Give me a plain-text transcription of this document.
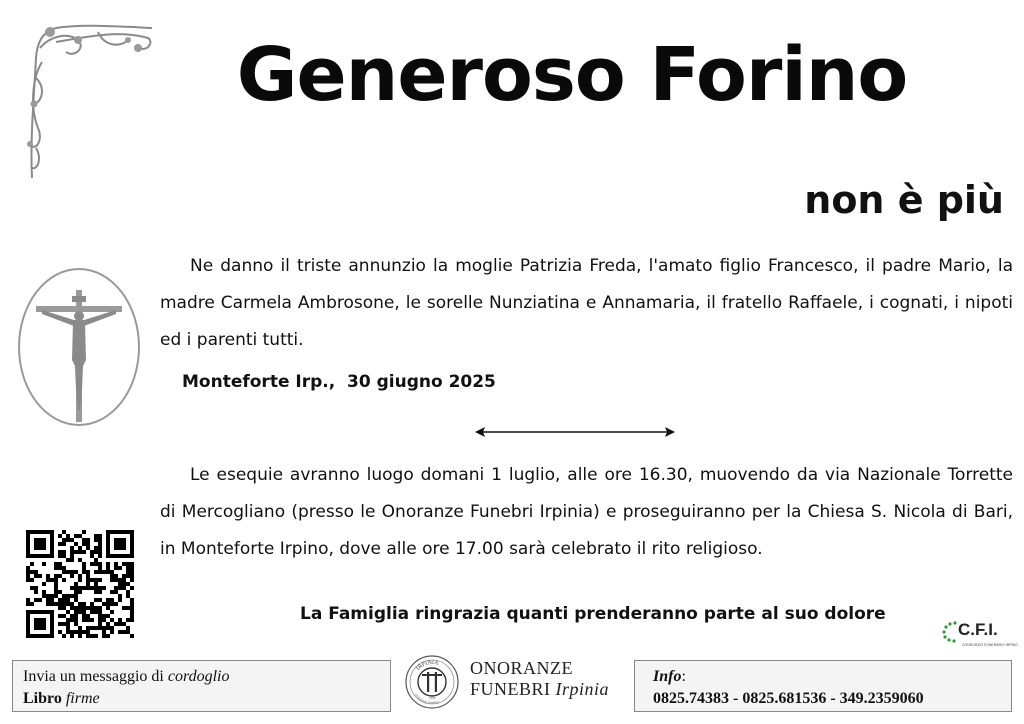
Generoso Forino
non è più
Ne danno il triste annunzio la moglie Patrizia Freda, l'amato figlio Francesco, il padre Mario, la madre Carmela Ambrosone, le sorelle Nunziatina e Annamaria, il fratello Raffaele, i cognati, i nipoti ed i parenti tutti.
Monteforte Irp.,  30 giugno 2025
Le esequie avranno luogo domani 1 luglio, alle ore 16.30, muovendo da via Nazionale Torrette di Mercogliano (presso le Onoranze Funebri Irpinia) e proseguiranno per la Chiesa S. Nicola di Bari, in Monteforte Irpino, dove alle ore 17.00 sarà celebrato il rito religioso.
La Famiglia ringrazia quanti prenderanno parte al suo dolore
C.F.I.
CONSORZIO FUNERARIO IRPINO
Invia un messaggio di cordoglio
Libro firme
IRPINIA
onoranze funebri
1986
ONORANZE
FUNEBRI Irpinia
Info:
0825.74383 - 0825.681536 - 349.2359060
